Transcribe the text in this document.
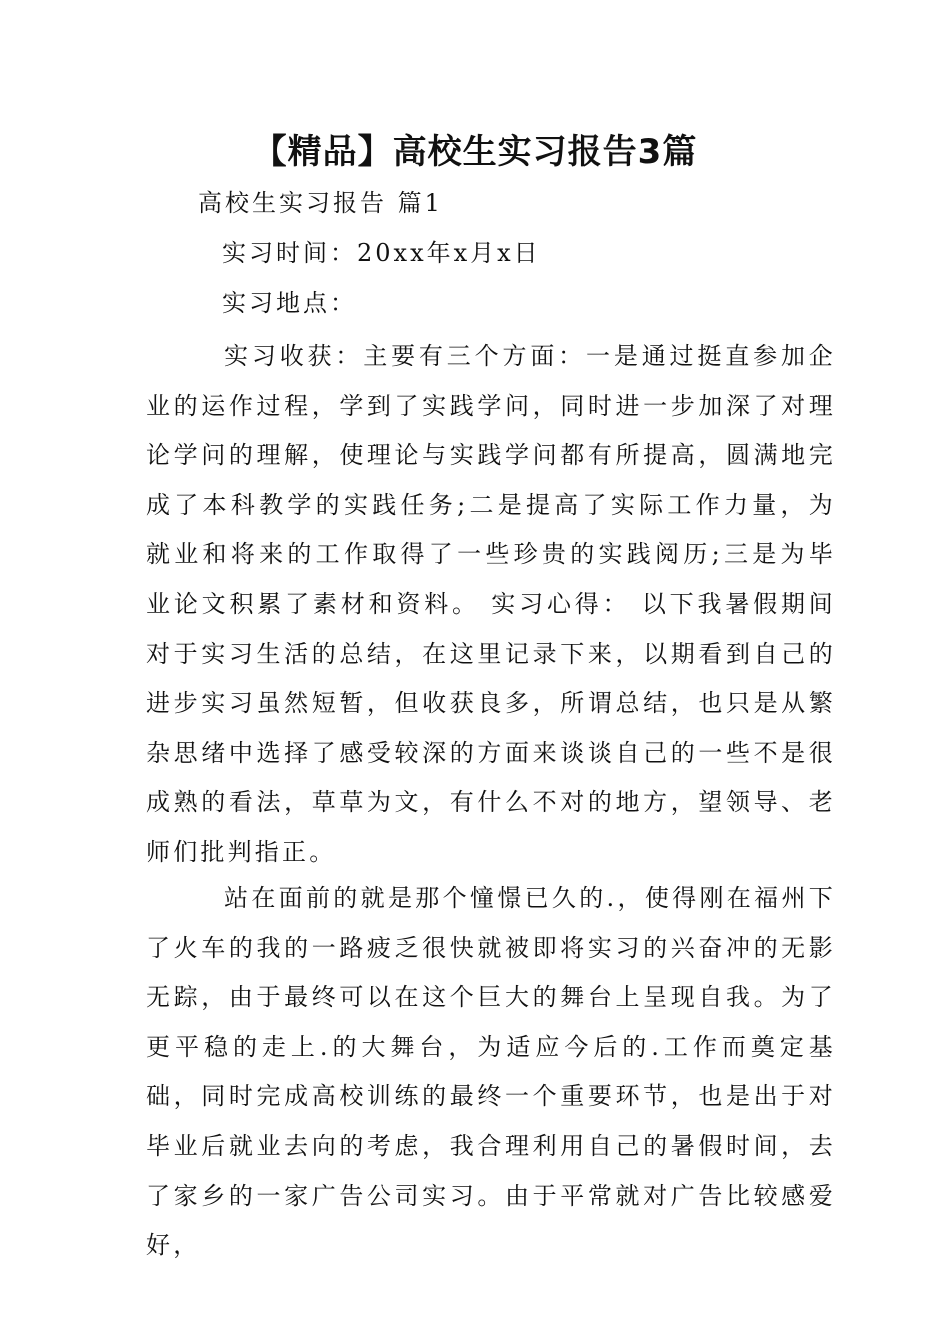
【精品】高校生实习报告3篇

高校生实习报告 篇1

实习时间：20xx年x月x日

实习地点：

实习收获：主要有三个方面：一是通过挺直参加企业的运作过程，学到了实践学问，同时进一步加深了对理论学问的理解，使理论与实践学问都有所提高，圆满地完成了本科教学的实践任务;二是提高了实际工作力量，为就业和将来的工作取得了一些珍贵的实践阅历;三是为毕业论文积累了素材和资料。 实习心得： 以下我暑假期间对于实习生活的总结，在这里记录下来，以期看到自己的进步实习虽然短暂，但收获良多，所谓总结，也只是从繁杂思绪中选择了感受较深的方面来谈谈自己的一些不是很成熟的看法，草草为文，有什么不对的地方，望领导、老师们批判指正。

站在面前的就是那个憧憬已久的.，使得刚在福州下了火车的我的一路疲乏很快就被即将实习的兴奋冲的无影无踪，由于最终可以在这个巨大的舞台上呈现自我。为了更平稳的走上.的大舞台，为适应今后的.工作而奠定基础，同时完成高校训练的最终一个重要环节，也是出于对毕业后就业去向的考虑，我合理利用自己的暑假时间，去了家乡的一家广告公司实习。由于平常就对广告比较感爱好，
